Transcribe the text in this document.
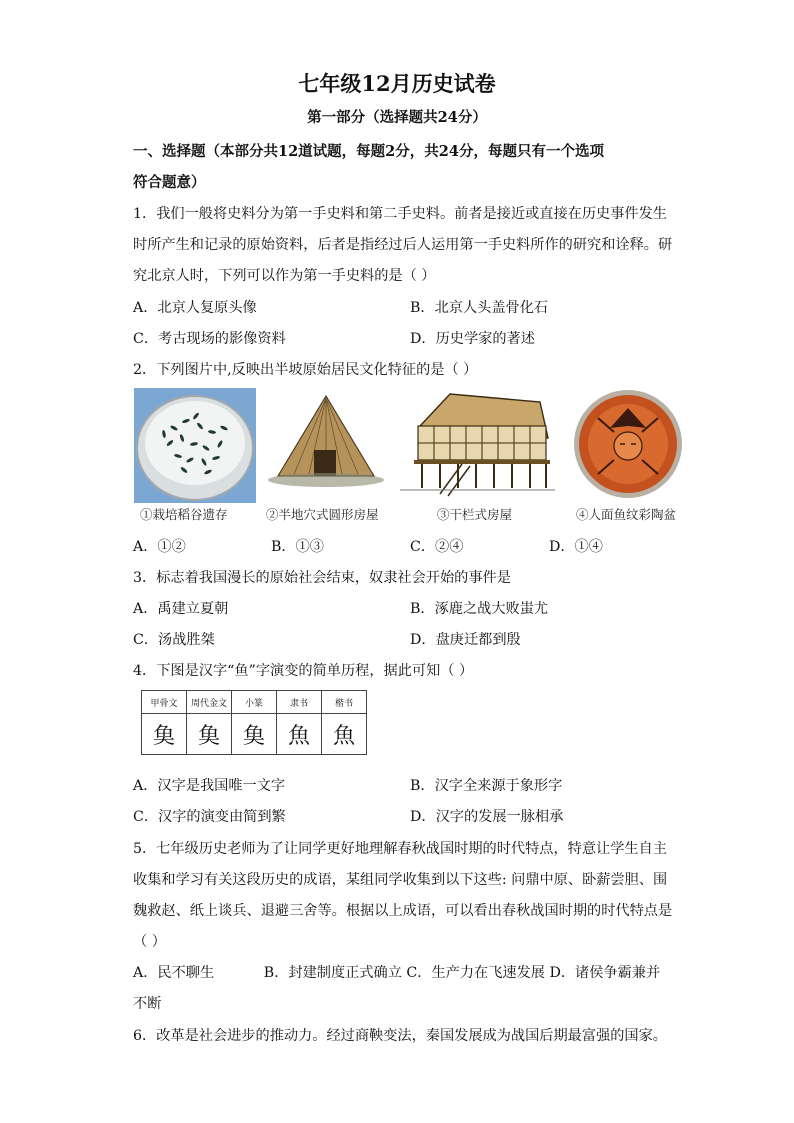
七年级12月历史试卷
第一部分（选择题共24分）
一、选择题（本部分共12道试题，每题2分，共24分，每题只有一个选项
符合题意）
1．我们一般将史料分为第一手史料和第二手史料。前者是接近或直接在历史事件发生
时所产生和记录的原始资料，后者是指经过后人运用第一手史料所作的研究和诠释。研
究北京人时，下列可以作为第一手史料的是（ ）
A．北京人复原头像	B．北京人头盖骨化石
C．考古现场的影像资料	D．历史学家的著述
2．下列图片中,反映出半坡原始居民文化特征的是（ ）
①栽培稻谷遗存	②半地穴式圆形房屋	③干栏式房屋	④人面鱼纹彩陶盆
A．①②	B．①③	C．②④	D．①④
3．标志着我国漫长的原始社会结束，奴隶社会开始的事件是
A．禹建立夏朝	B．涿鹿之战大败蚩尤
C．汤战胜桀	D．盘庚迁都到殷
4．下图是汉字“鱼”字演变的简单历程，据此可知（ ）
甲骨文	周代金文	小篆	隶书	楷书
𩵋	𩵋	𩵋	魚	魚
A．汉字是我国唯一文字	B．汉字全来源于象形字
C．汉字的演变由简到繁	D．汉字的发展一脉相承
5．七年级历史老师为了让同学更好地理解春秋战国时期的时代特点，特意让学生自主
收集和学习有关这段历史的成语，某组同学收集到以下这些: 问鼎中原、卧薪尝胆、围
魏救赵、纸上谈兵、退避三舍等。根据以上成语，可以看出春秋战国时期的时代特点是
（ ）
A．民不聊生           B．封建制度正式确立 C．生产力在飞速发展 D．诸侯争霸兼并
不断
6．改革是社会进步的推动力。经过商鞅变法，秦国发展成为战国后期最富强的国家。
